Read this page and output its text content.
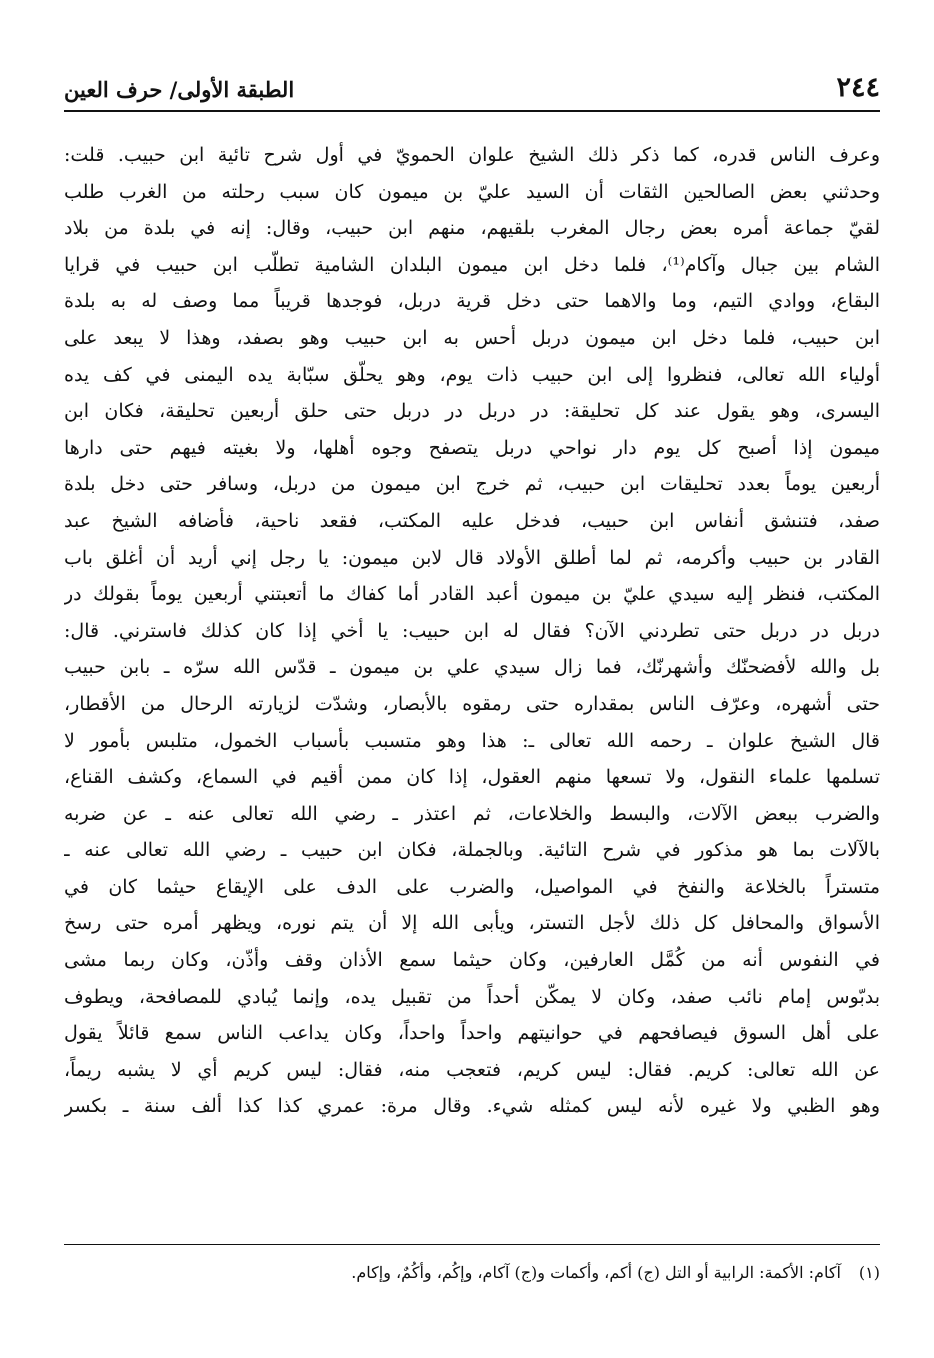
٢٤٤
الطبقة الأولى/ حرف العين
وعرف الناس قدره، كما ذكر ذلك الشيخ علوان الحمويّ في أول شرح تائية ابن حبيب. قلت:
وحدثني بعض الصالحين الثقات أن السيد عليّ بن ميمون كان سبب رحلته من الغرب طلب
لقيّ جماعة أمره بعض رجال المغرب بلقيهم، منهم ابن حبيب، وقال: إنه في بلدة من بلاد
الشام بين جبال وآكام⁽¹⁾، فلما دخل ابن ميمون البلدان الشامية تطلّب ابن حبيب في قرايا
البقاع، ووادي التيم، وما والاهما حتى دخل قرية دربل، فوجدها قريباً مما وصف له به بلدة
ابن حبيب، فلما دخل ابن ميمون دربل أحس به ابن حبيب وهو بصفد، وهذا لا يبعد على
أولياء الله تعالى، فنظروا إلى ابن حبيب ذات يوم، وهو يحلّق سبّابة يده اليمنى في كف يده
اليسرى، وهو يقول عند كل تحليقة: در دربل در دربل حتى حلق أربعين تحليقة، فكان ابن
ميمون إذا أصبح كل يوم دار نواحي دربل يتصفح وجوه أهلها، ولا بغيته فيهم حتى دارها
أربعين يوماً بعدد تحليقات ابن حبيب، ثم خرج ابن ميمون من دربل، وسافر حتى دخل بلدة
صفد، فتنشق أنفاس ابن حبيب، فدخل عليه المكتب، فقعد ناحية، فأضافه الشيخ عبد
القادر بن حبيب وأكرمه، ثم لما أطلق الأولاد قال لابن ميمون: يا رجل إني أريد أن أغلق باب
المكتب، فنظر إليه سيدي عليّ بن ميمون أعبد القادر أما كفاك ما أتعبتني أربعين يوماً بقولك در
دربل در دربل حتى تطردني الآن؟ فقال له ابن حبيب: يا أخي إذا كان كذلك فاسترني. قال:
بل والله لأفضحنّك وأشهرنّك، فما زال سيدي علي بن ميمون ـ قدّس الله سرّه ـ بابن حبيب
حتى أشهره، وعرّف الناس بمقداره حتى رمقوه بالأبصار، وشدّت لزيارته الرحال من الأقطار،
قال الشيخ علوان ـ رحمه الله تعالى ـ: هذا وهو متسبب بأسباب الخمول، متلبس بأمور لا
تسلمها علماء النقول، ولا تسعها منهم العقول، إذا كان ممن أقيم في السماع، وكشف القناع،
والضرب ببعض الآلات، والبسط والخلاعات، ثم اعتذر ـ رضي الله تعالى عنه ـ عن ضربه
بالآلات بما هو مذكور في شرح التائية. وبالجملة، فكان ابن حبيب ـ رضي الله تعالى عنه ـ
متستراً بالخلاعة والنفخ في المواصيل، والضرب على الدف على الإيقاع حيثما كان في
الأسواق والمحافل كل ذلك لأجل التستر، ويأبى الله إلا أن يتم نوره، ويظهر أمره حتى رسخ
في النفوس أنه من كُمَّل العارفين، وكان حيثما سمع الأذان وقف وأذّن، وكان ربما مشى
بدبّوس إمام نائب صفد، وكان لا يمكّن أحداً من تقبيل يده، وإنما يُبادي للمصافحة، ويطوف
على أهل السوق فيصافحهم في حوانيتهم واحداً واحداً، وكان يداعب الناس سمع قائلاً يقول
عن الله تعالى: كريم. فقال: ليس كريم، فتعجب منه، فقال: ليس كريم أي لا يشبه ريماً،
وهو الظبي ولا غيره لأنه ليس كمثله شيء. وقال مرة: عمري كذا كذا ألف سنة ـ بكسر
(١)آكام: الأكمة: الرابية أو التل (ج) أكم، وأكمات و(ج) آكام، وإكُم، وأكُمٌ، وإكام.
